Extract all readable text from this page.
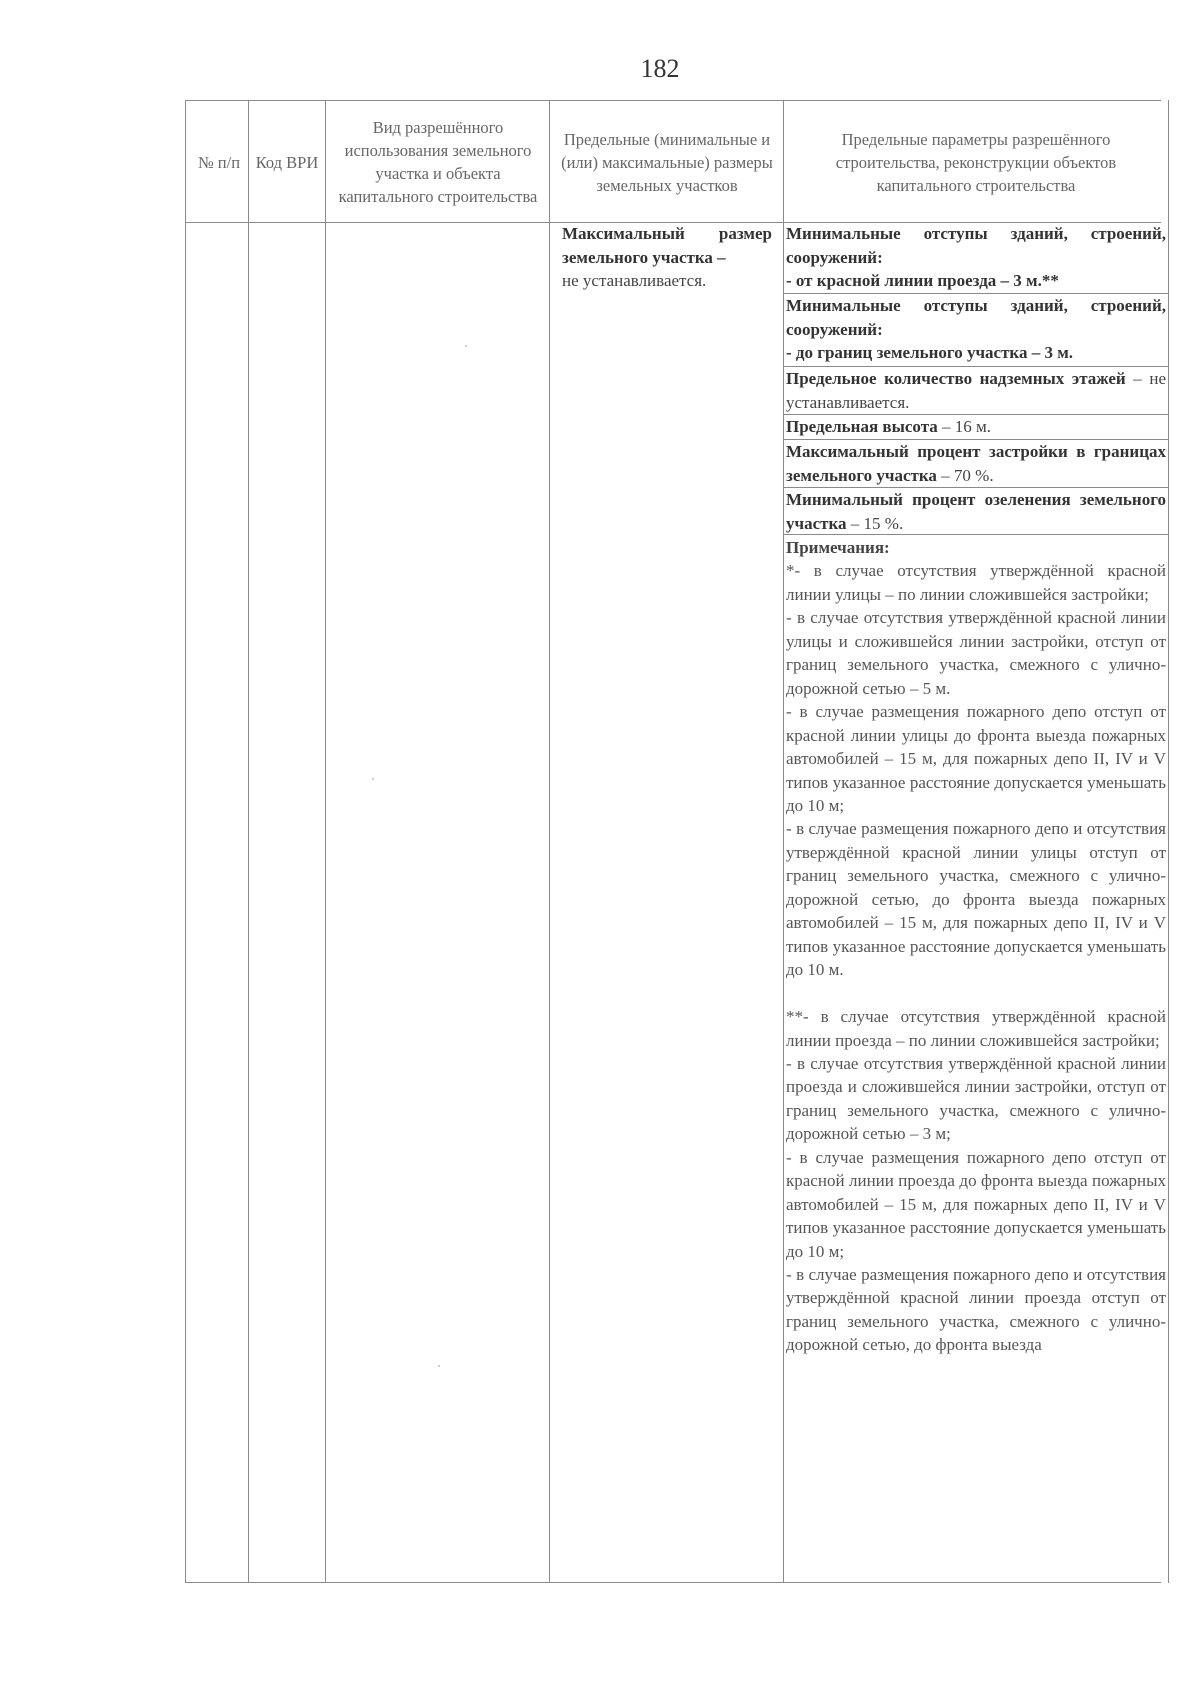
182
№ п/п Код ВРИ
Вид разрешённого использования земельного участка и объекта капитального строительства
Предельные (минимальные и (или) максимальные) размеры земельных участков
Предельные параметры разрешённого строительства, реконструкции объектов капитального строительства
Максимальный размер земельного участка –
не устанавливается.
Минимальные отступы зданий, строений, сооружений:
- от красной линии проезда – 3 м.**
Минимальные отступы зданий, строений, сооружений:
- до границ земельного участка – 3 м.
Предельное количество надземных этажей – не устанавливается.
Предельная высота – 16 м.
Максимальный процент застройки в границах земельного участка – 70 %.
Минимальный процент озеленения земельного участка – 15 %.

Примечания:

*- в случае отсутствия утверждённой красной линии улицы – по линии сложившейся застройки;

- в случае отсутствия утверждённой красной линии улицы и сложившейся линии застройки, отступ от границ земельного участка, смежного с улично-дорожной сетью – 5 м.

- в случае размещения пожарного депо отступ от красной линии улицы до фронта выезда пожарных автомобилей – 15 м, для пожарных депо II, IV и V типов указанное расстояние допускается уменьшать до 10 м;

- в случае размещения пожарного депо и отсутствия утверждённой красной линии улицы отступ от границ земельного участка, смежного с улично-дорожной сетью, до фронта выезда пожарных автомобилей – 15 м, для пожарных депо II, IV и V типов указанное расстояние допускается уменьшать до 10 м.

**- в случае отсутствия утверждённой красной линии проезда – по линии сложившейся застройки;

- в случае отсутствия утверждённой красной линии проезда и сложившейся линии застройки, отступ от границ земельного участка, смежного с улично-дорожной сетью – 3 м;

- в случае размещения пожарного депо отступ от красной линии проезда до фронта выезда пожарных автомобилей – 15 м, для пожарных депо II, IV и V типов указанное расстояние допускается уменьшать до 10 м;

- в случае размещения пожарного депо и отсутствия утверждённой красной линии проезда отступ от границ земельного участка, смежного с улично-дорожной сетью, до фронта выезда
